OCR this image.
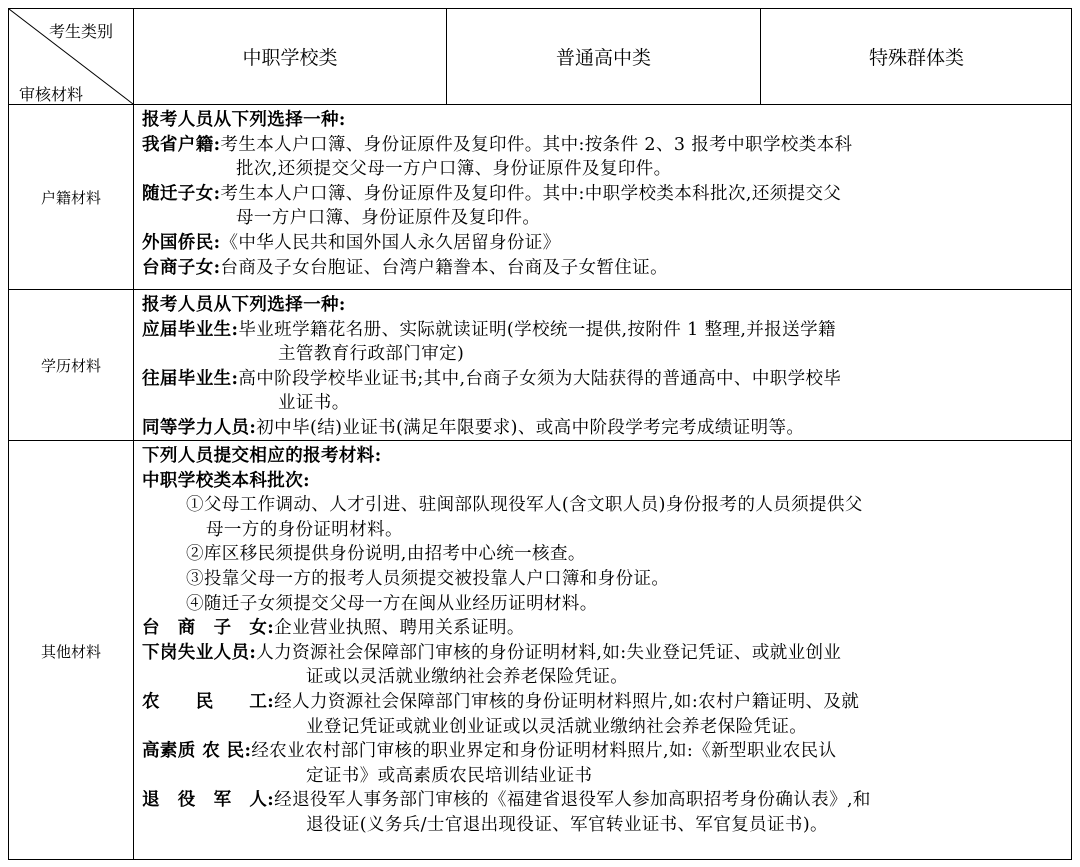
考生类别
审核材料
中职学校类	普通高中类	特殊群体类
户籍材料
学历材料
其他材料
报考人员从下列选择一种:
我省户籍:考生本人户口簿、身份证原件及复印件。其中:按条件 2、3 报考中职学校类本科
批次,还须提交父母一方户口簿、身份证原件及复印件。
随迁子女:考生本人户口簿、身份证原件及复印件。其中:中职学校类本科批次,还须提交父
母一方户口簿、身份证原件及复印件。
外国侨民:《中华人民共和国外国人永久居留身份证》
台商子女:台商及子女台胞证、台湾户籍誊本、台商及子女暂住证。
报考人员从下列选择一种:
应届毕业生:毕业班学籍花名册、实际就读证明(学校统一提供,按附件 1 整理,并报送学籍
主管教育行政部门审定)
往届毕业生:高中阶段学校毕业证书;其中,台商子女须为大陆获得的普通高中、中职学校毕
业证书。
同等学力人员:初中毕(结)业证书(满足年限要求)、或高中阶段学考完考成绩证明等。
下列人员提交相应的报考材料:
中职学校类本科批次:
①父母工作调动、人才引进、驻闽部队现役军人(含文职人员)身份报考的人员须提供父
母一方的身份证明材料。
②库区移民须提供身份说明,由招考中心统一核查。
③投靠父母一方的报考人员须提交被投靠人户口簿和身份证。
④随迁子女须提交父母一方在闽从业经历证明材料。
台　商　子　女:企业营业执照、聘用关系证明。
下岗失业人员:人力资源社会保障部门审核的身份证明材料,如:失业登记凭证、或就业创业
证或以灵活就业缴纳社会养老保险凭证。
农　　民　　工:经人力资源社会保障部门审核的身份证明材料照片,如:农村户籍证明、及就
业登记凭证或就业创业证或以灵活就业缴纳社会养老保险凭证。
高素质 农 民:经农业农村部门审核的职业界定和身份证明材料照片,如:《新型职业农民认
定证书》或高素质农民培训结业证书
退　役　军　人:经退役军人事务部门审核的《福建省退役军人参加高职招考身份确认表》,和
退役证(义务兵/士官退出现役证、军官转业证书、军官复员证书)。
